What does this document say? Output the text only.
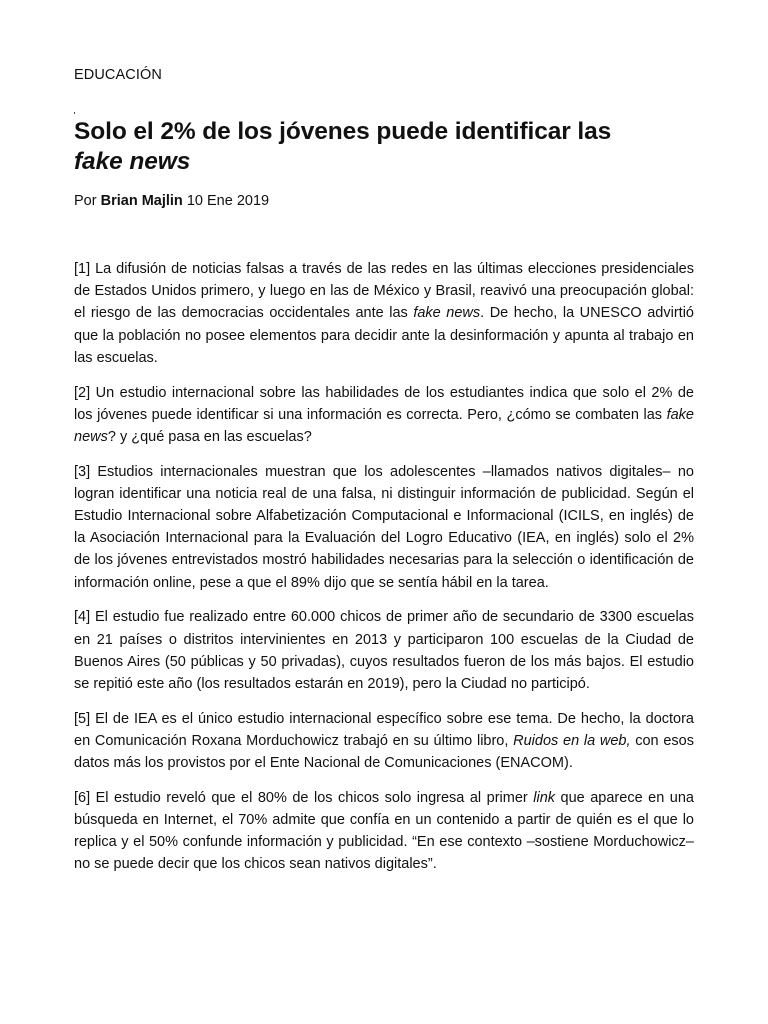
EDUCACIÓN
Solo el 2% de los jóvenes puede identificar las
fake news
Por Brian Majlin 10 Ene 2019

[1] La difusión de noticias falsas a través de las redes en las últimas elecciones presidenciales de Estados Unidos primero, y luego en las de México y Brasil, reavivó una preocupación global: el riesgo de las democracias occidentales ante las fake news. De hecho, la UNESCO advirtió que la población no posee elementos para decidir ante la desinformación y apunta al trabajo en las escuelas.

[2] Un estudio internacional sobre las habilidades de los estudiantes indica que solo el 2% de los jóvenes puede identificar si una información es correcta. Pero, ¿cómo se combaten las fake news? y ¿qué pasa en las escuelas?

[3] Estudios internacionales muestran que los adolescentes –llamados nativos digitales– no logran identificar una noticia real de una falsa, ni distinguir información de publicidad. Según el Estudio Internacional sobre Alfabetización Computacional e Informacional (ICILS, en inglés) de la Asociación Internacional para la Evaluación del Logro Educativo (IEA, en inglés) solo el 2% de los jóvenes entrevistados mostró habilidades necesarias para la selección o identificación de información online, pese a que el 89% dijo que se sentía hábil en la tarea.

[4] El estudio fue realizado entre 60.000 chicos de primer año de secundario de 3300 escuelas en 21 países o distritos intervinientes en 2013 y participaron 100 escuelas de la Ciudad de Buenos Aires (50 públicas y 50 privadas), cuyos resultados fueron de los más bajos. El estudio se repitió este año (los resultados estarán en 2019), pero la Ciudad no participó.

[5] El de IEA es el único estudio internacional específico sobre ese tema. De hecho, la doctora en Comunicación Roxana Morduchowicz trabajó en su último libro, Ruidos en la web, con esos datos más los provistos por el Ente Nacional de Comunicaciones (ENACOM).

[6] El estudio reveló que el 80% de los chicos solo ingresa al primer link que aparece en una búsqueda en Internet, el 70% admite que confía en un contenido a partir de quién es el que lo replica y el 50% confunde información y publicidad. “En ese contexto –sostiene Morduchowicz– no se puede decir que los chicos sean nativos digitales”.
